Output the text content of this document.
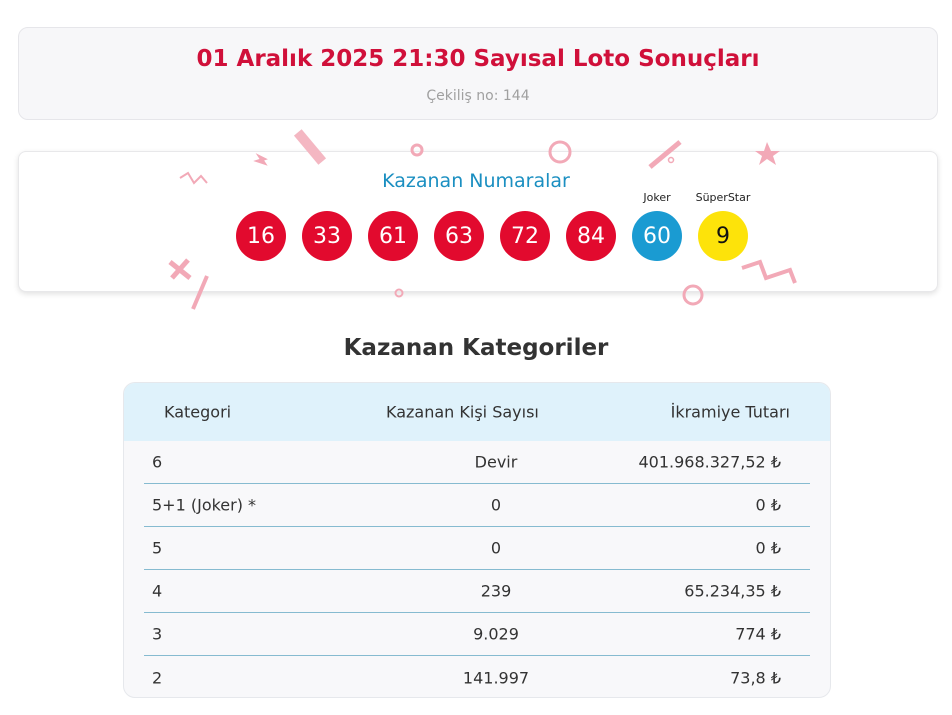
01 Aralık 2025 21:30 Sayısal Loto Sonuçları
Çekiliş no: 144
Kazanan Numaralar
16	33	61	63	72	84
Joker
60
SüperStar
9
Kazanan Kategoriler
Kategori	Kazanan Kişi Sayısı	İkramiye Tutarı
6	Devir	401.968.327,52 ₺
5+1 (Joker) *	0	0 ₺
5	0	0 ₺
4	239	65.234,35 ₺
3	9.029	774 ₺
2	141.997	73,8 ₺
